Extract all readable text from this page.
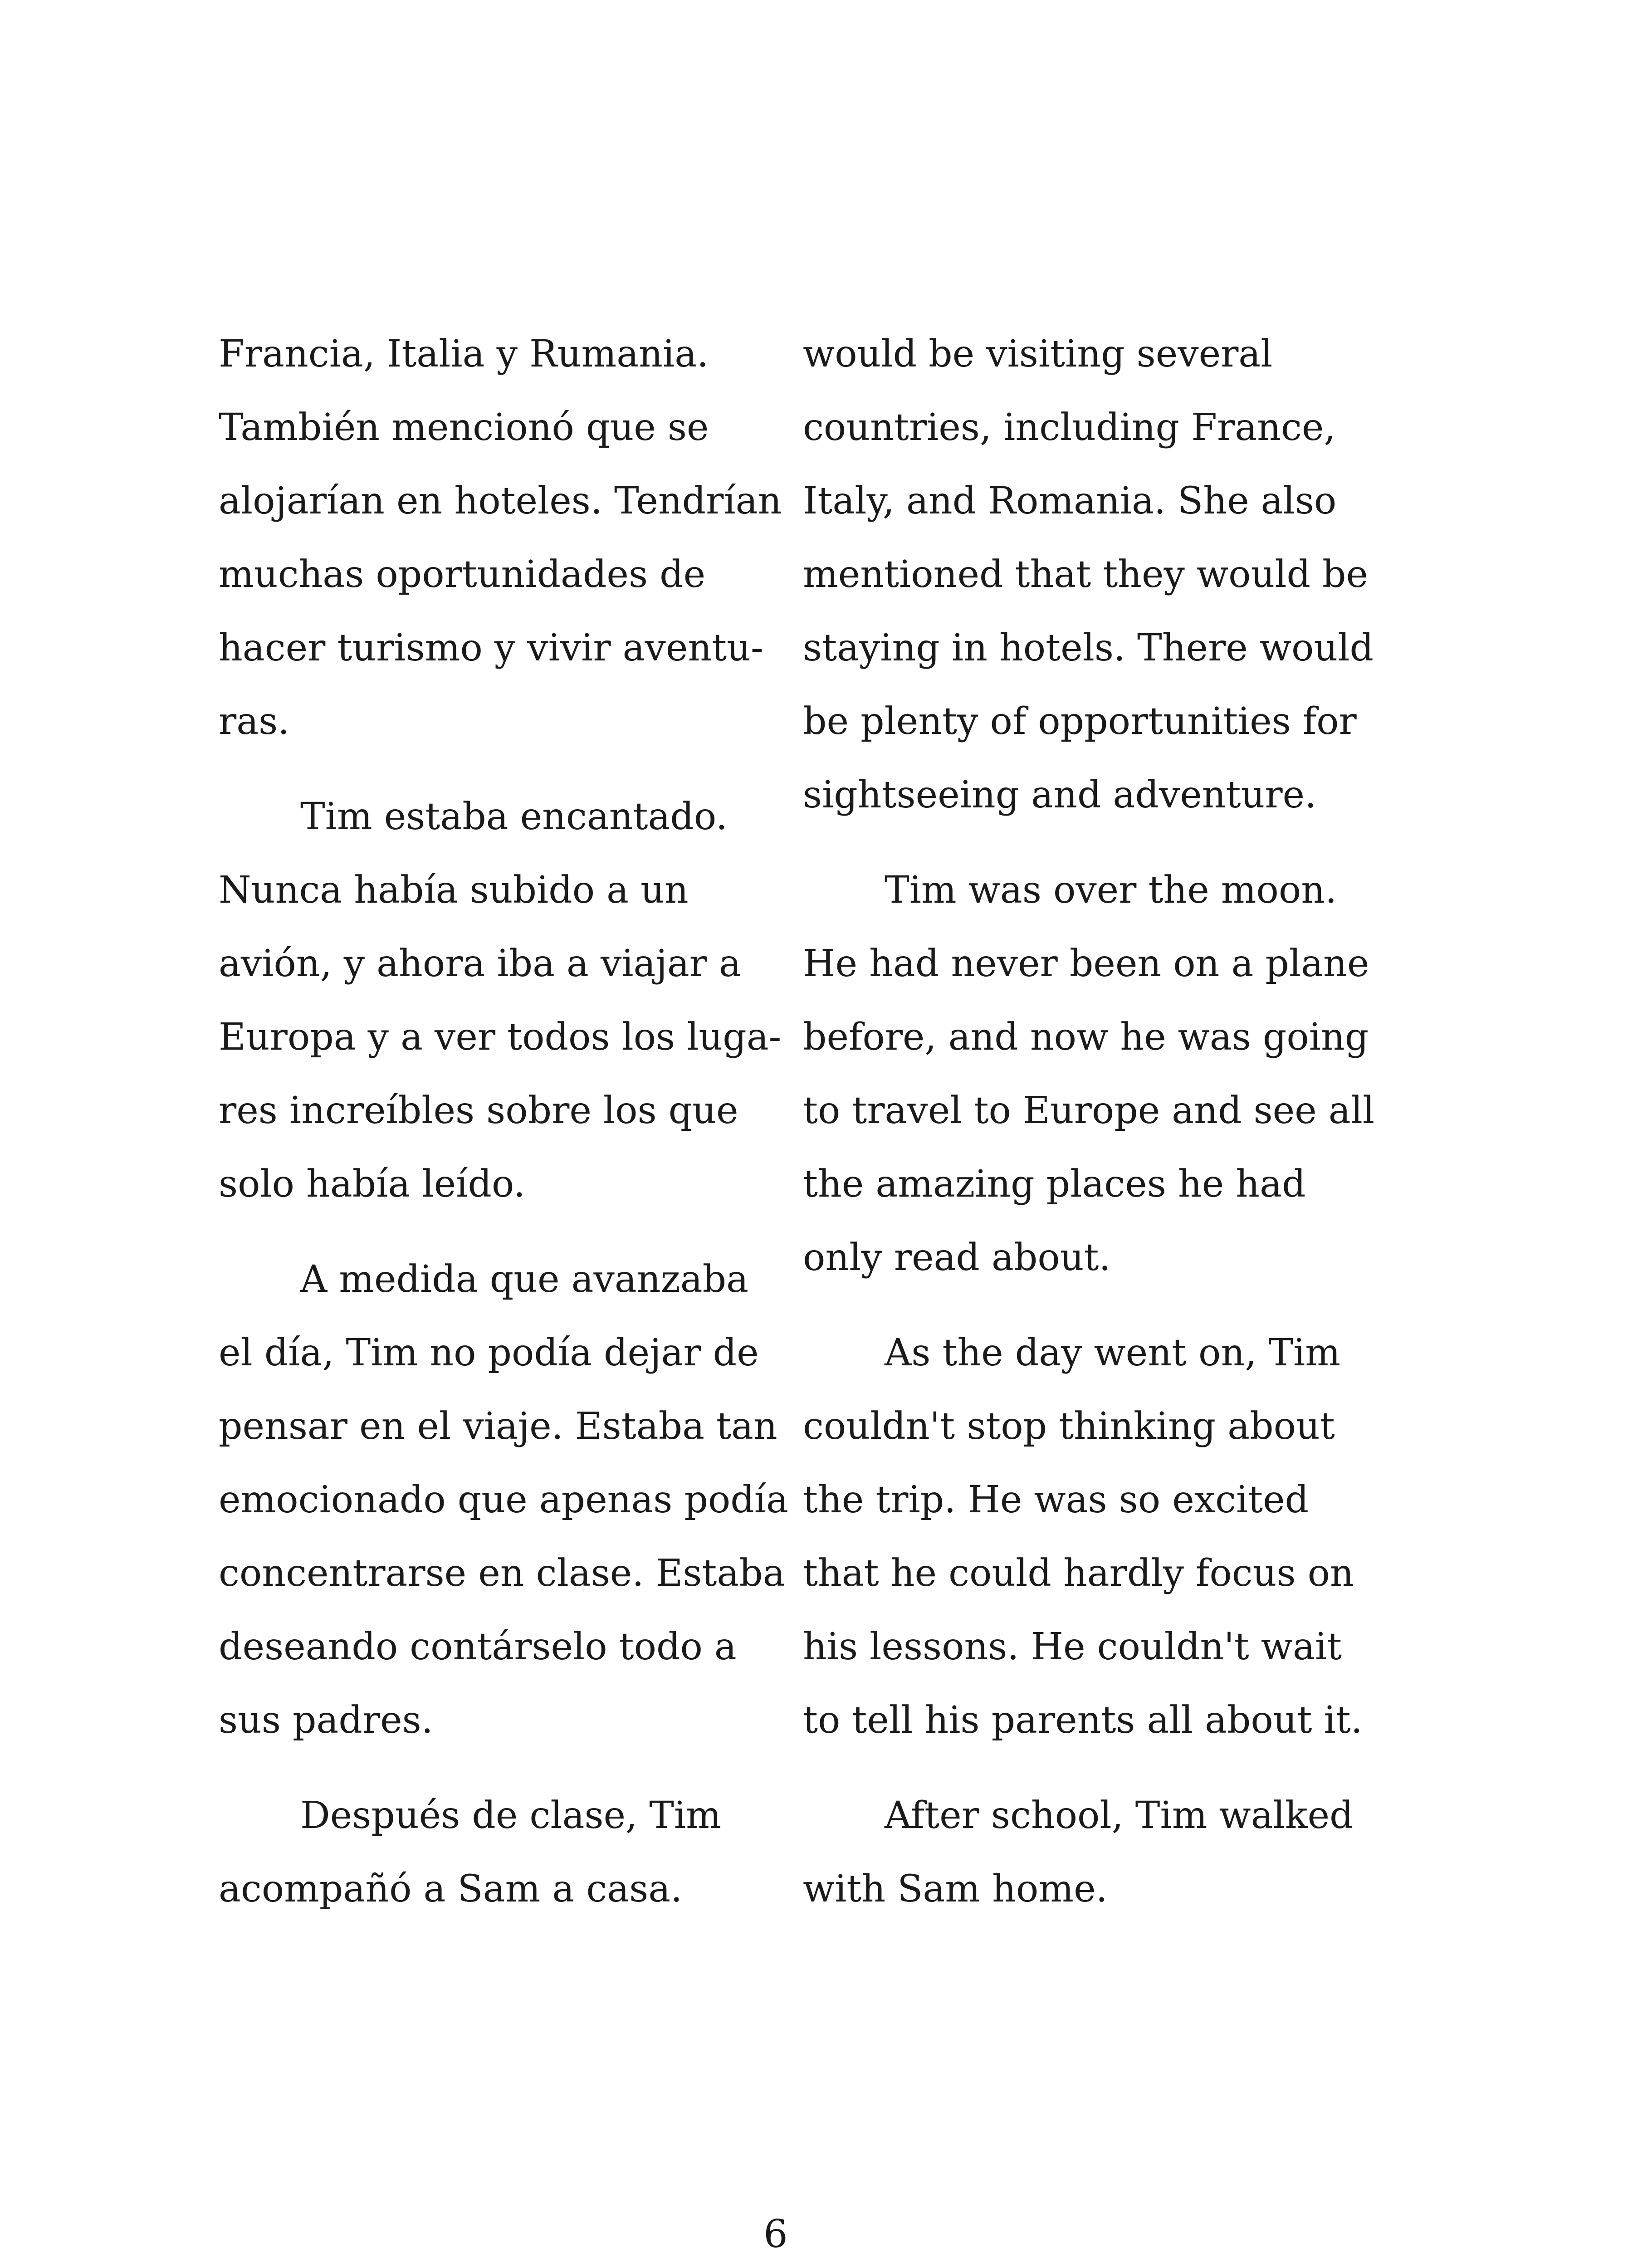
Francia, Italia y Rumania.
También mencionó que se
alojarían en hoteles. Tendrían
muchas oportunidades de
hacer turismo y vivir aventu-
ras.

Tim estaba encantado.
Nunca había subido a un
avión, y ahora iba a viajar a
Europa y a ver todos los luga-
res increíbles sobre los que
solo había leído.

A medida que avanzaba
el día, Tim no podía dejar de
pensar en el viaje. Estaba tan
emocionado que apenas podía
concentrarse en clase. Estaba
deseando contárselo todo a
sus padres.

Después de clase, Tim
acompañó a Sam a casa.

would be visiting several
countries, including France,
Italy, and Romania. She also
mentioned that they would be
staying in hotels. There would
be plenty of opportunities for
sightseeing and adventure.

Tim was over the moon.
He had never been on a plane
before, and now he was going
to travel to Europe and see all
the amazing places he had
only read about.

As the day went on, Tim
couldn't stop thinking about
the trip. He was so excited
that he could hardly focus on
his lessons. He couldn't wait
to tell his parents all about it.

After school, Tim walked
with Sam home.

6
